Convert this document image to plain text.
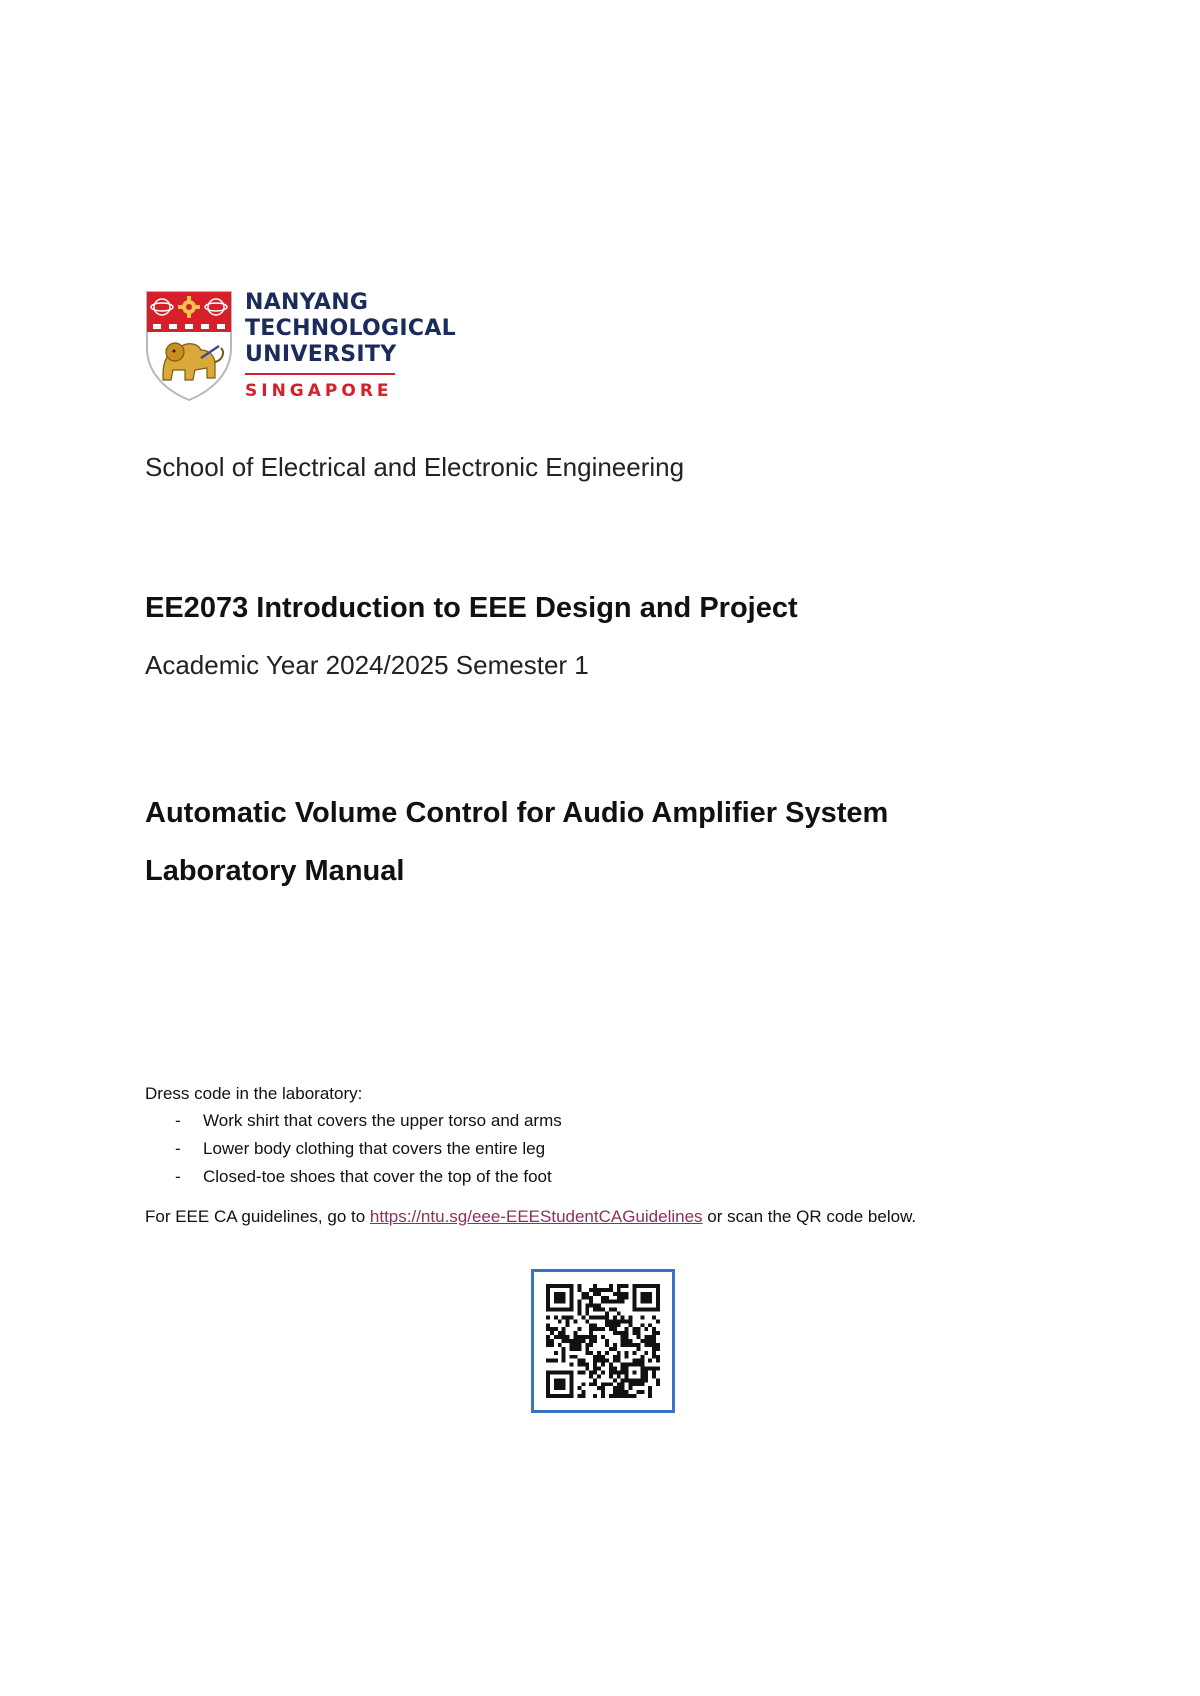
NANYANG
TECHNOLOGICAL
UNIVERSITY
SINGAPORE
School of Electrical and Electronic Engineering
EE2073 Introduction to EEE Design and Project
Academic Year 2024/2025 Semester 1
Automatic Volume Control for Audio Amplifier System
Laboratory Manual
Dress code in the laboratory:
- Work shirt that covers the upper torso and arms
- Lower body clothing that covers the entire leg
- Closed-toe shoes that cover the top of the foot
For EEE CA guidelines, go to https://ntu.sg/eee-EEEStudentCAGuidelines or scan the QR code below.
